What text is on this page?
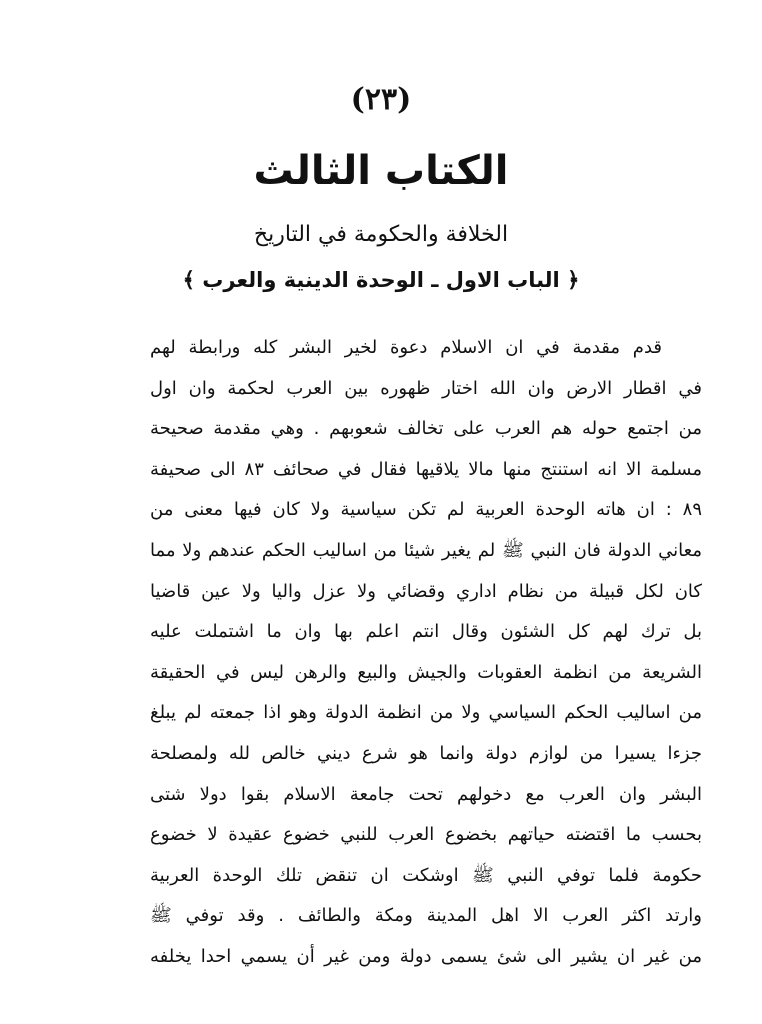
(٢٣)
الكتاب الثالث
الخلافة والحكومة في التاريخ
﴿ الباب الاول ـ الوحدة الدينية والعرب ﴾
قدم مقدمة في ان الاسلام دعوة لخير البشر كله ورابطة لهم
في اقطار الارض وان الله اختار ظهوره بين العرب لحكمة وان اول
من اجتمع حوله هم العرب على تخالف شعوبهم . وهي مقدمة صحيحة
مسلمة الا انه استنتج منها مالا يلاقيها فقال في صحائف ٨٣ الى صحيفة
٨٩ : ان هاته الوحدة العربية لم تكن سياسية ولا كان فيها معنى من
معاني الدولة فان النبي ﷺ لم يغير شيئا من اساليب الحكم عندهم ولا مما
كان لكل قبيلة من نظام اداري وقضائي ولا عزل واليا ولا عين قاضيا
بل ترك لهم كل الشئون وقال انتم اعلم بها وان ما اشتملت عليه
الشريعة من انظمة العقوبات والجيش والبيع والرهن ليس في الحقيقة
من اساليب الحكم السياسي ولا من انظمة الدولة وهو اذا جمعته لم يبلغ
جزءا يسيرا من لوازم دولة وانما هو شرع ديني خالص لله ولمصلحة
البشر وان العرب مع دخولهم تحت جامعة الاسلام بقوا دولا شتى
بحسب ما اقتضته حياتهم بخضوع العرب للنبي خضوع عقيدة لا خضوع
حكومة فلما توفي النبي ﷺ اوشكت ان تنقض تلك الوحدة العربية
وارتد اكثر العرب الا اهل المدينة ومكة والطائف . وقد توفي ﷺ
من غير ان يشير الى شئ يسمى دولة ومن غير أن يسمي احدا يخلفه
